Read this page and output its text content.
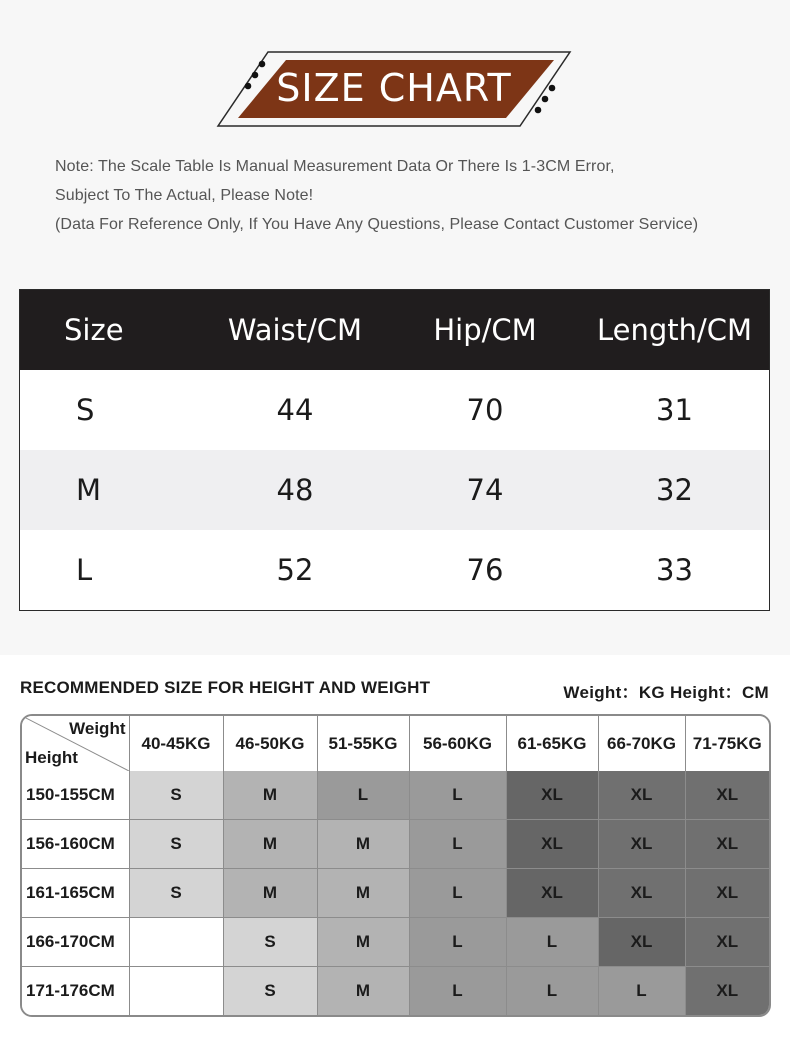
SIZE CHART
Note: The Scale Table Is Manual Measurement Data Or There Is 1-3CM Error,
Subject To The Actual, Please Note!
(Data For Reference Only, If You Have Any Questions, Please Contact Customer Service)
Size	Waist/CM	Hip/CM	Length/CM
S	44	70	31
M	48	74	32
L	52	76	33
RECOMMENDED SIZE FOR HEIGHT AND WEIGHT	Weight：KG Height：CM
Weight
Height	40-45KG	46-50KG	51-55KG	56-60KG	61-65KG	66-70KG	71-75KG
150-155CM	S	M	L	L	XL	XL	XL
156-160CM	S	M	M	L	XL	XL	XL
161-165CM	S	M	M	L	XL	XL	XL
166-170CM		S	M	L	L	XL	XL
171-176CM		S	M	L	L	L	XL
